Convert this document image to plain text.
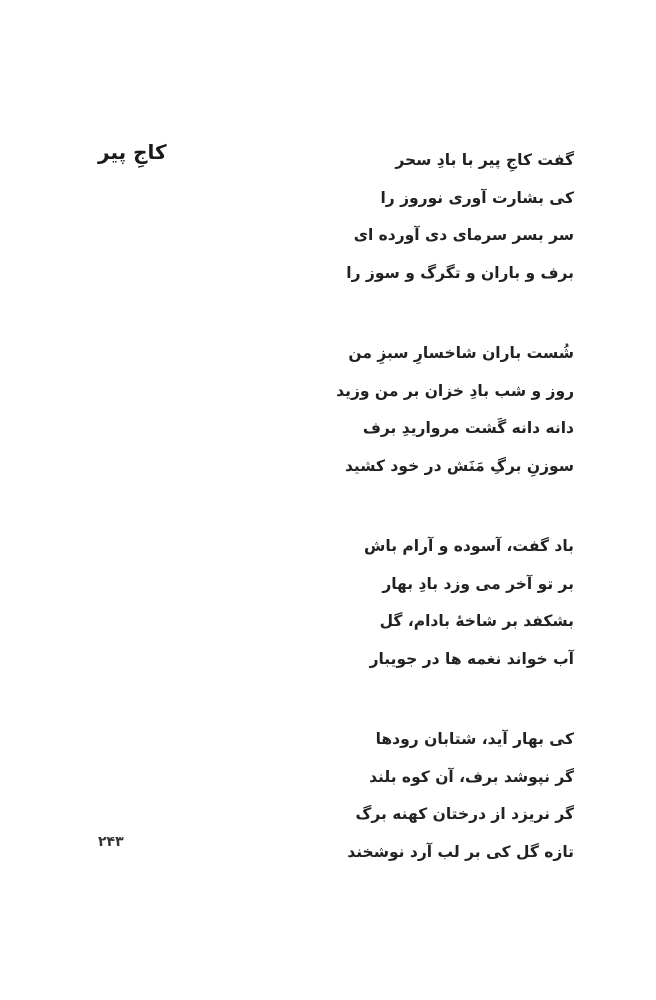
کاجِ پیر	گفت کاجِ پیر با بادِ سحر
کی بشارت آوری نوروز را
سر بسر سرمای دی آورده ای
برف و باران و تگرگ و سوز را
شُست باران شاخسارِ سبزِ من
روز و شب بادِ خزان بر من وزید
دانه دانه گَشت مرواریدِ برف
سوزنِ برگِ مَنَش در خود کشید
باد گفت، آسوده و آرام باش
بر تو آخر می وزد بادِ بهار
بشکفد بر شاخهٔ بادام، گل
آب خواند نغمه ها در جویبار
کی بهار آید، شتابان رودها
گر نپوشد برف، آن کوه بلند
گر نریزد از درختان کهنه برگ
تازه گل کی بر لب آرد نوشخند
۲۴۳
